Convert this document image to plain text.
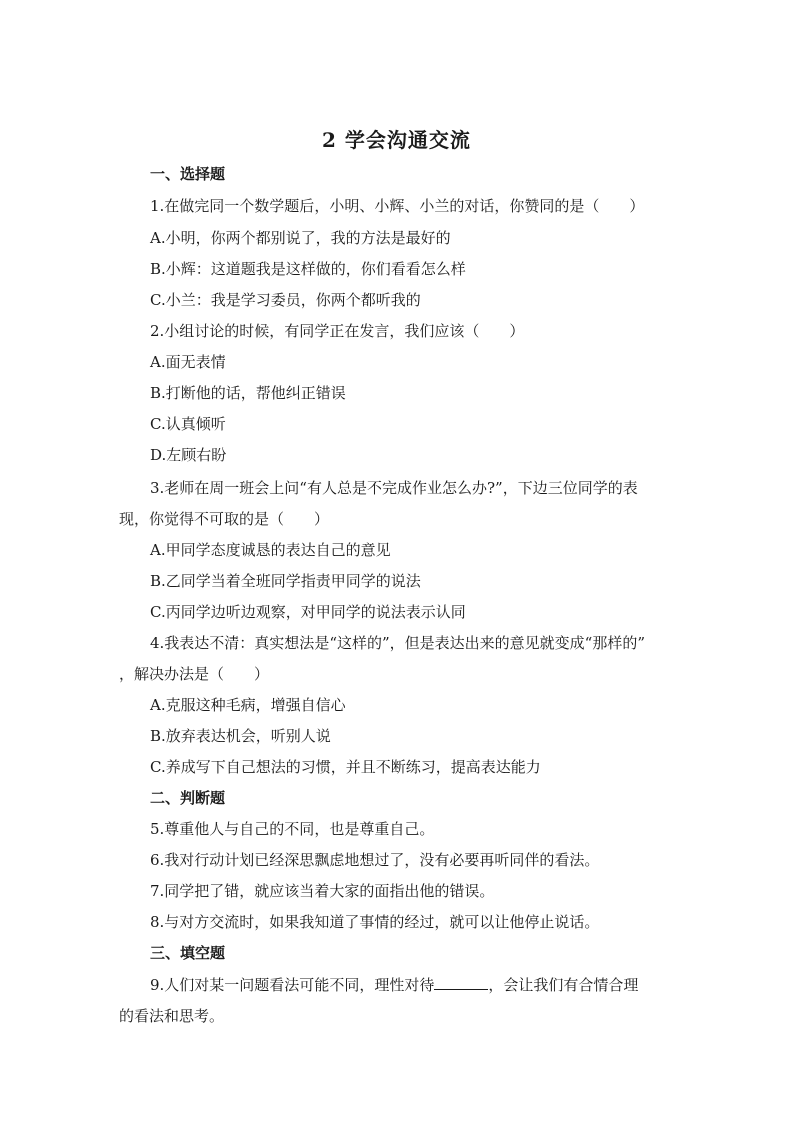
2 学会沟通交流
一、选择题
1.在做完同一个数学题后，小明、小辉、小兰的对话，你赞同的是（　　）
A.小明，你两个都别说了，我的方法是最好的
B.小辉：这道题我是这样做的，你们看看怎么样
C.小兰：我是学习委员，你两个都听我的
2.小组讨论的时候，有同学正在发言，我们应该（　　）
A.面无表情
B.打断他的话，帮他纠正错误
C.认真倾听
D.左顾右盼
3.老师在周一班会上问“有人总是不完成作业怎么办?”，下边三位同学的表
现，你觉得不可取的是（　　）
A.甲同学态度诚恳的表达自己的意见
B.乙同学当着全班同学指责甲同学的说法
C.丙同学边听边观察，对甲同学的说法表示认同
4.我表达不清：真实想法是“这样的”，但是表达出来的意见就变成“那样的”
，解决办法是（　　）
A.克服这种毛病，增强自信心
B.放弃表达机会，听别人说
C.养成写下自己想法的习惯，并且不断练习，提高表达能力
二、判断题
5.尊重他人与自己的不同，也是尊重自己。
6.我对行动计划已经深思飘虑地想过了，没有必要再听同伴的看法。
7.同学把了错，就应该当着大家的面指出他的错误。
8.与对方交流时，如果我知道了事情的经过，就可以让他停止说话。
三、填空题
9.人们对某一问题看法可能不同，理性对待	，会让我们有合情合理
的看法和思考。
